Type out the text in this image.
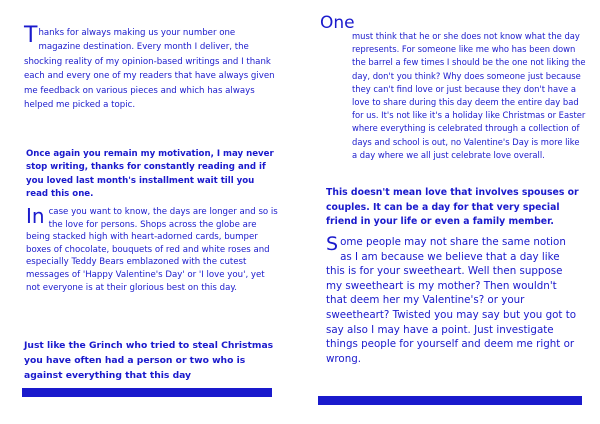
Thanks for always making us your number one magazine destination. Every month I deliver, the shocking reality of my opinion-based writings and I thank each and every one of my readers that have always given me feedback on various pieces and which has always helped me picked a topic.

Once again you remain my motivation, I may never stop writing, thanks for constantly reading and if you loved last month's installment wait till you read this one.

In case you want to know, the days are longer and so is the love for persons. Shops across the globe are being stacked high with heart-adorned cards, bumper boxes of chocolate, bouquets of red and white roses and especially Teddy Bears emblazoned with the cutest messages of 'Happy Valentine's Day' or 'I love you', yet not everyone is at their glorious best on this day.

Just like the Grinch who tried to steal Christmas you have often had a person or two who is against everything that this day

One

must think that he or she does not know what the day represents. For someone like me who has been down the barrel a few times I should be the one not liking the day, don't you think? Why does someone just because they can't find love or just because they don't have a love to share during this day deem the entire day bad for us. It's not like it's a holiday like Christmas or Easter where everything is celebrated through a collection of days and school is out, no Valentine's Day is more like a day where we all just celebrate love overall.

This doesn't mean love that involves spouses or couples. It can be a day for that very special friend in your life or even a family member.

Some people may not share the same notion as I am because we believe that a day like this is for your sweetheart. Well then suppose my sweetheart is my mother? Then wouldn't that deem her my Valentine's? or your sweetheart? Twisted you may say but you got to say also I may have a point. Just investigate things people for yourself and deem me right or wrong.
